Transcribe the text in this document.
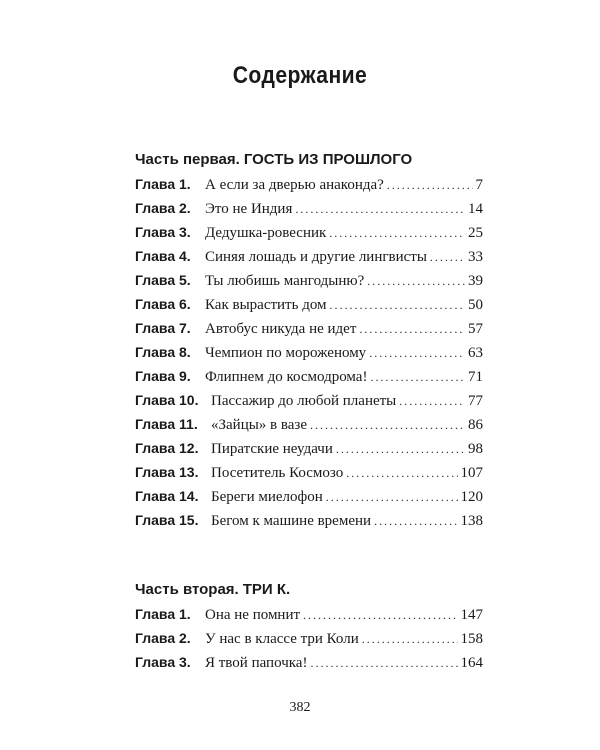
Содержание
Часть первая. ГОСТЬ ИЗ ПРОШЛОГО
Глава 1. А если за дверью анаконда? .....	7
Глава 2. Это не Индия .....	14
Глава 3. Дедушка-ровесник .....	25
Глава 4. Синяя лошадь и другие лингвисты .....	33
Глава 5. Ты любишь мангодыню? .....	39
Глава 6. Как вырастить дом .....	50
Глава 7. Автобус никуда не идет .....	57
Глава 8. Чемпион по мороженому .....	63
Глава 9. Флипнем до космодрома! .....	71
Глава 10. Пассажир до любой планеты .....	77
Глава 11. «Зайцы» в вазе .....	86
Глава 12. Пиратские неудачи .....	98
Глава 13. Посетитель Космозо .....	107
Глава 14. Береги миелофон .....	120
Глава 15. Бегом к машине времени .....	138
Часть вторая. ТРИ К.
Глава 1. Она не помнит .....	147
Глава 2. У нас в классе три Коли .....	158
Глава 3. Я твой папочка! .....	164
382
